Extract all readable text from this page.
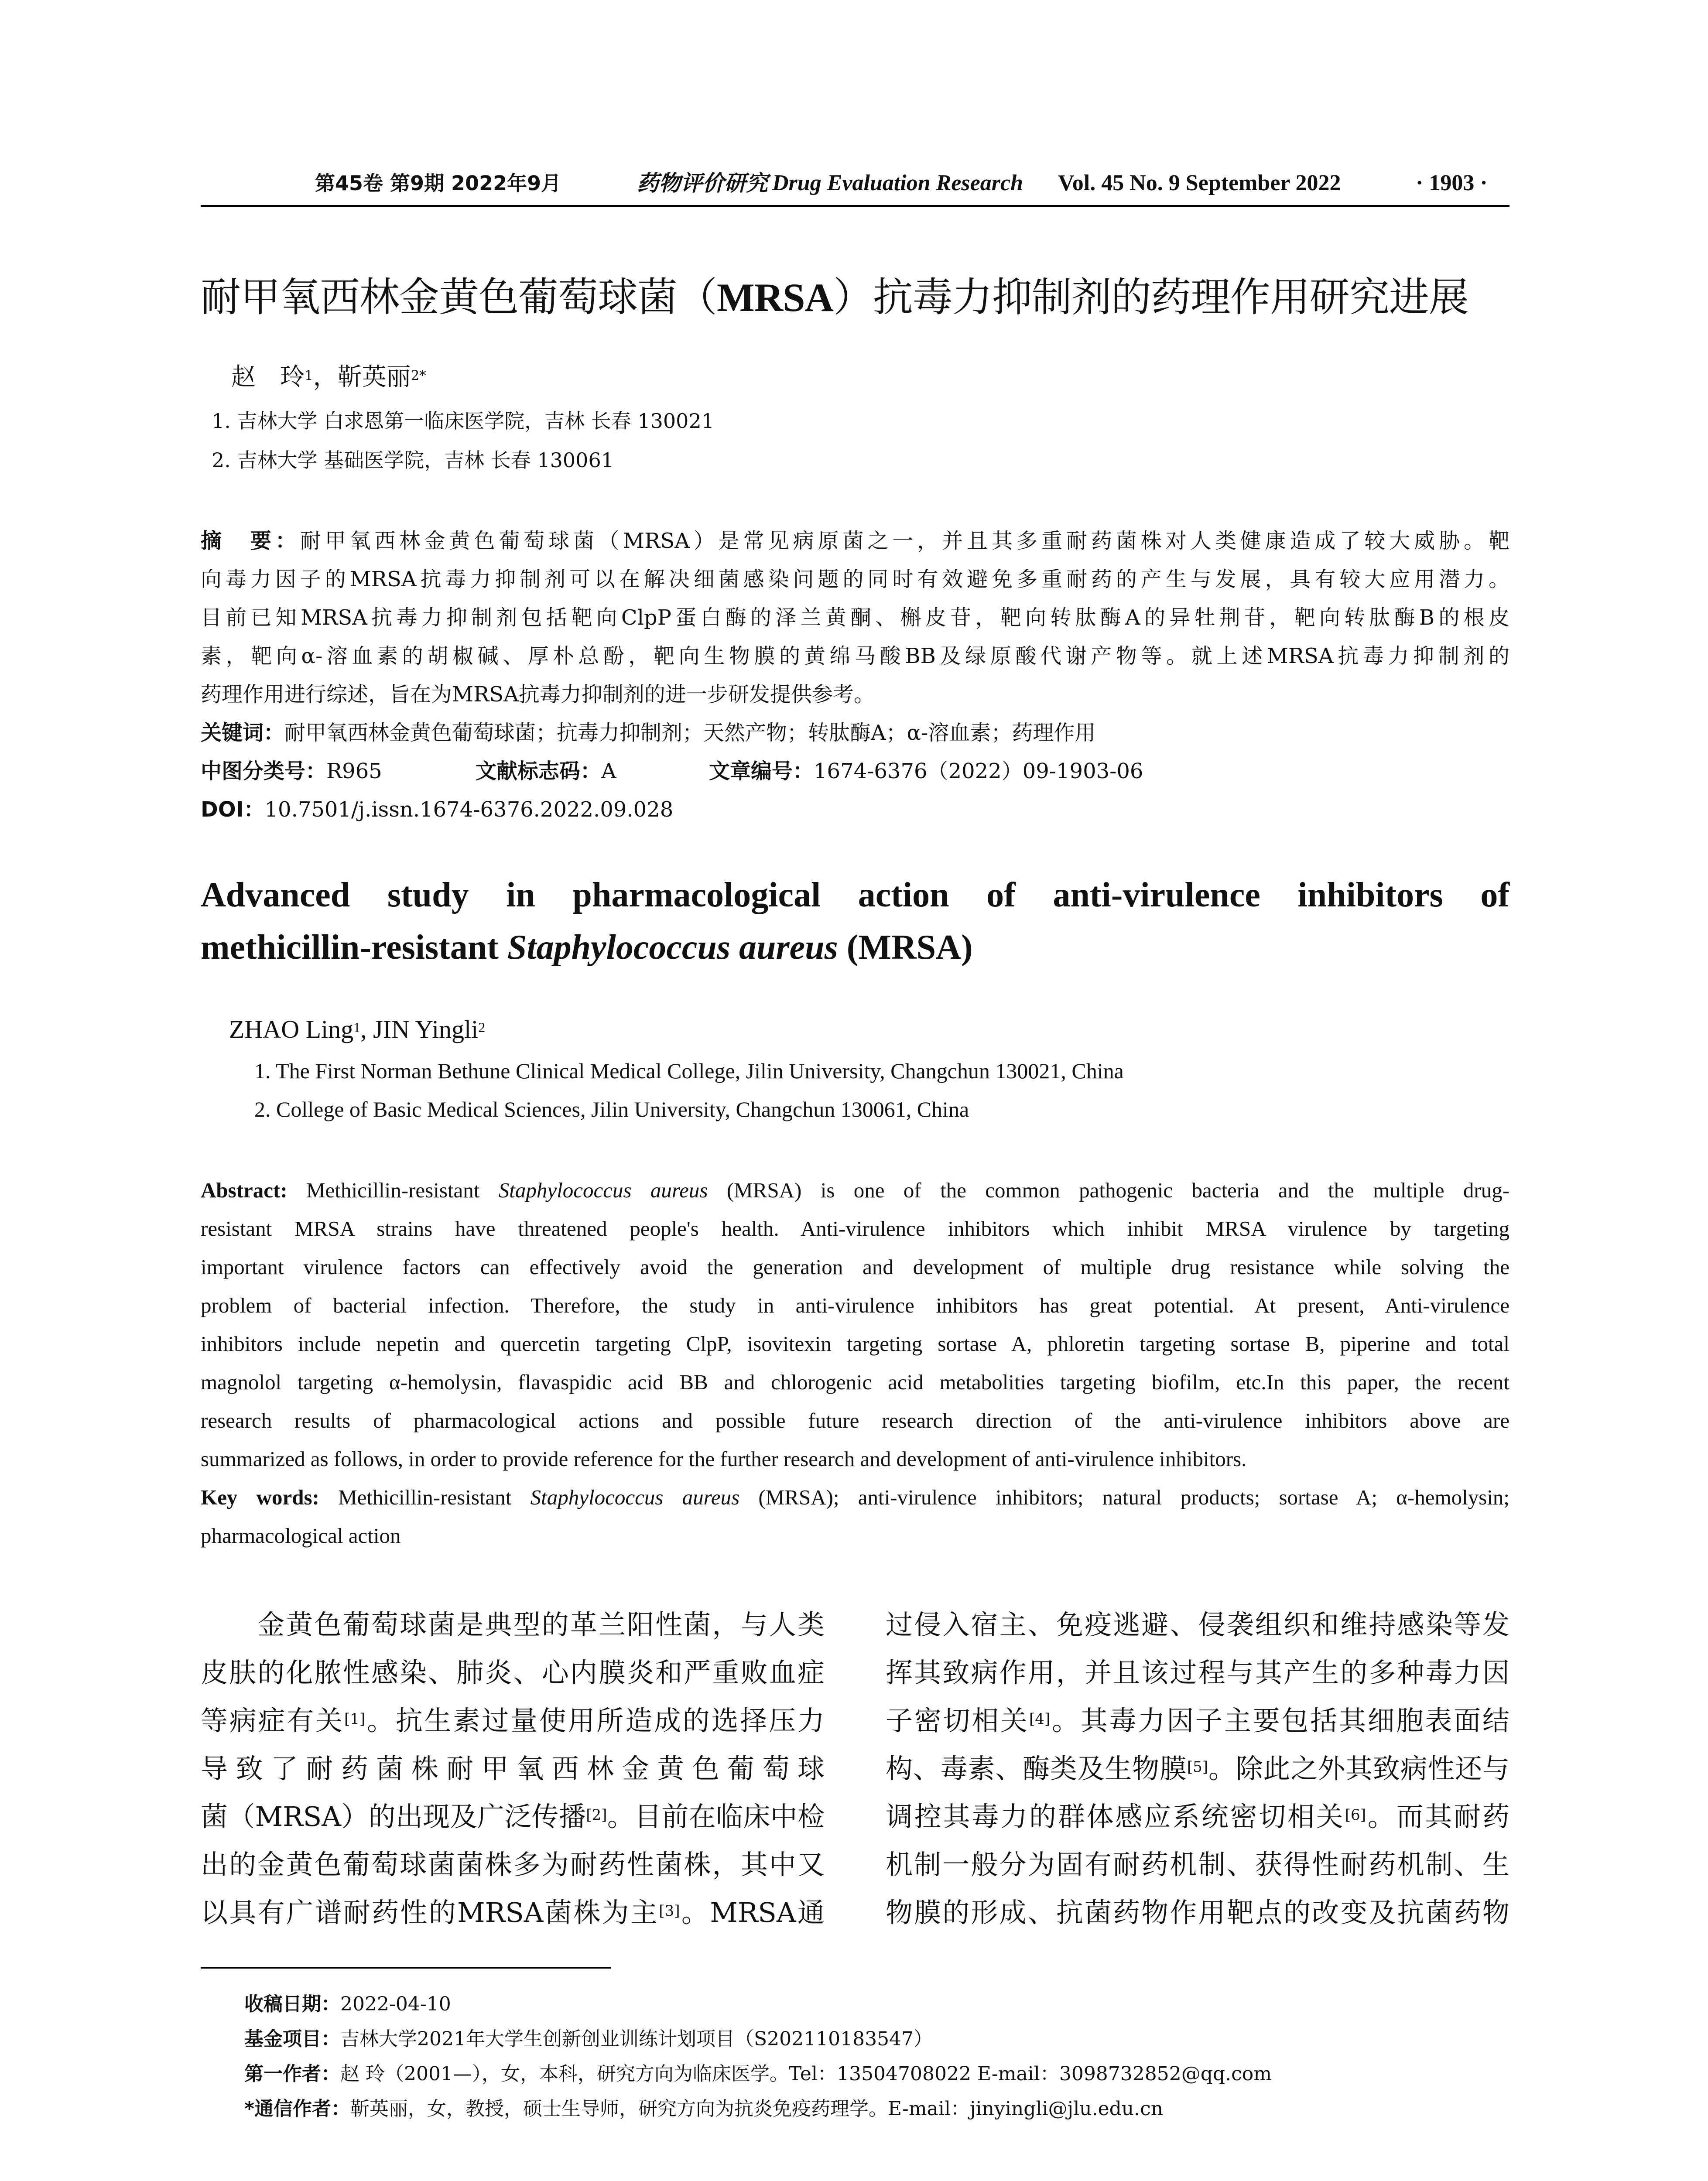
第45卷 第9期 2022年9月	药物评价研究 Drug Evaluation Research Vol. 45 No. 9 September 2022	· 1903 ·
耐甲氧西林金黄色葡萄球菌（MRSA）抗毒力抑制剂的药理作用研究进展
赵　玲$^1$，靳英丽$^{2*}$
1. 吉林大学 白求恩第一临床医学院，吉林 长春 130021
2. 吉林大学 基础医学院，吉林 长春 130061
摘　要：耐甲氧西林金黄色葡萄球菌（MRSA）是常见病原菌之一，并且其多重耐药菌株对人类健康造成了较大威胁。靶
向毒力因子的MRSA抗毒力抑制剂可以在解决细菌感染问题的同时有效避免多重耐药的产生与发展，具有较大应用潜力。
目前已知MRSA抗毒力抑制剂包括靶向ClpP蛋白酶的泽兰黄酮、槲皮苷，靶向转肽酶A的异牡荆苷，靶向转肽酶B的根皮
素，靶向α-溶血素的胡椒碱、厚朴总酚，靶向生物膜的黄绵马酸BB及绿原酸代谢产物等。就上述MRSA抗毒力抑制剂的
药理作用进行综述，旨在为MRSA抗毒力抑制剂的进一步研发提供参考。
关键词：耐甲氧西林金黄色葡萄球菌；抗毒力抑制剂；天然产物；转肽酶A；α-溶血素；药理作用
中图分类号：R965	文献标志码：A	文章编号：1674-6376（2022）09-1903-06
DOI：10.7501/j.issn.1674-6376.2022.09.028
Advanced study in pharmacological action of anti-virulence inhibitors of
methicillin-resistant Staphylococcus aureus (MRSA)
ZHAO Ling$^1$, JIN Yingli$^2$
1. The First Norman Bethune Clinical Medical College, Jilin University, Changchun 130021, China
2. College of Basic Medical Sciences, Jilin University, Changchun 130061, China
Abstract: Methicillin-resistant Staphylococcus aureus (MRSA) is one of the common pathogenic bacteria and the multiple drug-
resistant MRSA strains have threatened people's health. Anti-virulence inhibitors which inhibit MRSA virulence by targeting
important virulence factors can effectively avoid the generation and development of multiple drug resistance while solving the
problem of bacterial infection. Therefore, the study in anti-virulence inhibitors has great potential. At present, Anti-virulence
inhibitors include nepetin and quercetin targeting ClpP, isovitexin targeting sortase A, phloretin targeting sortase B, piperine and total
magnolol targeting α-hemolysin, flavaspidic acid BB and chlorogenic acid metabolities targeting biofilm, etc.In this paper, the recent
research results of pharmacological actions and possible future research direction of the anti-virulence inhibitors above are
summarized as follows, in order to provide reference for the further research and development of anti-virulence inhibitors.
Key words: Methicillin-resistant Staphylococcus aureus (MRSA); anti-virulence inhibitors; natural products; sortase A; α-hemolysin;
pharmacological action
　　金黄色葡萄球菌是典型的革兰阳性菌，与人类
皮肤的化脓性感染、肺炎、心内膜炎和严重败血症
等病症有关[1]。抗生素过量使用所造成的选择压力
导致了耐药菌株耐甲氧西林金黄色葡萄球
菌（MRSA）的出现及广泛传播[2]。目前在临床中检
出的金黄色葡萄球菌菌株多为耐药性菌株，其中又
以具有广谱耐药性的MRSA菌株为主[3]。MRSA通
过侵入宿主、免疫逃避、侵袭组织和维持感染等发
挥其致病作用，并且该过程与其产生的多种毒力因
子密切相关[4]。其毒力因子主要包括其细胞表面结
构、毒素、酶类及生物膜[5]。除此之外其致病性还与
调控其毒力的群体感应系统密切相关[6]。而其耐药
机制一般分为固有耐药机制、获得性耐药机制、生
物膜的形成、抗菌药物作用靶点的改变及抗菌药物
收稿日期：2022-04-10
基金项目：吉林大学2021年大学生创新创业训练计划项目（S202110183547）
第一作者：赵 玲（2001—），女，本科，研究方向为临床医学。Tel：13504708022 E-mail：3098732852@qq.com
*通信作者：靳英丽，女，教授，硕士生导师，研究方向为抗炎免疫药理学。E-mail：jinyingli@jlu.edu.cn
